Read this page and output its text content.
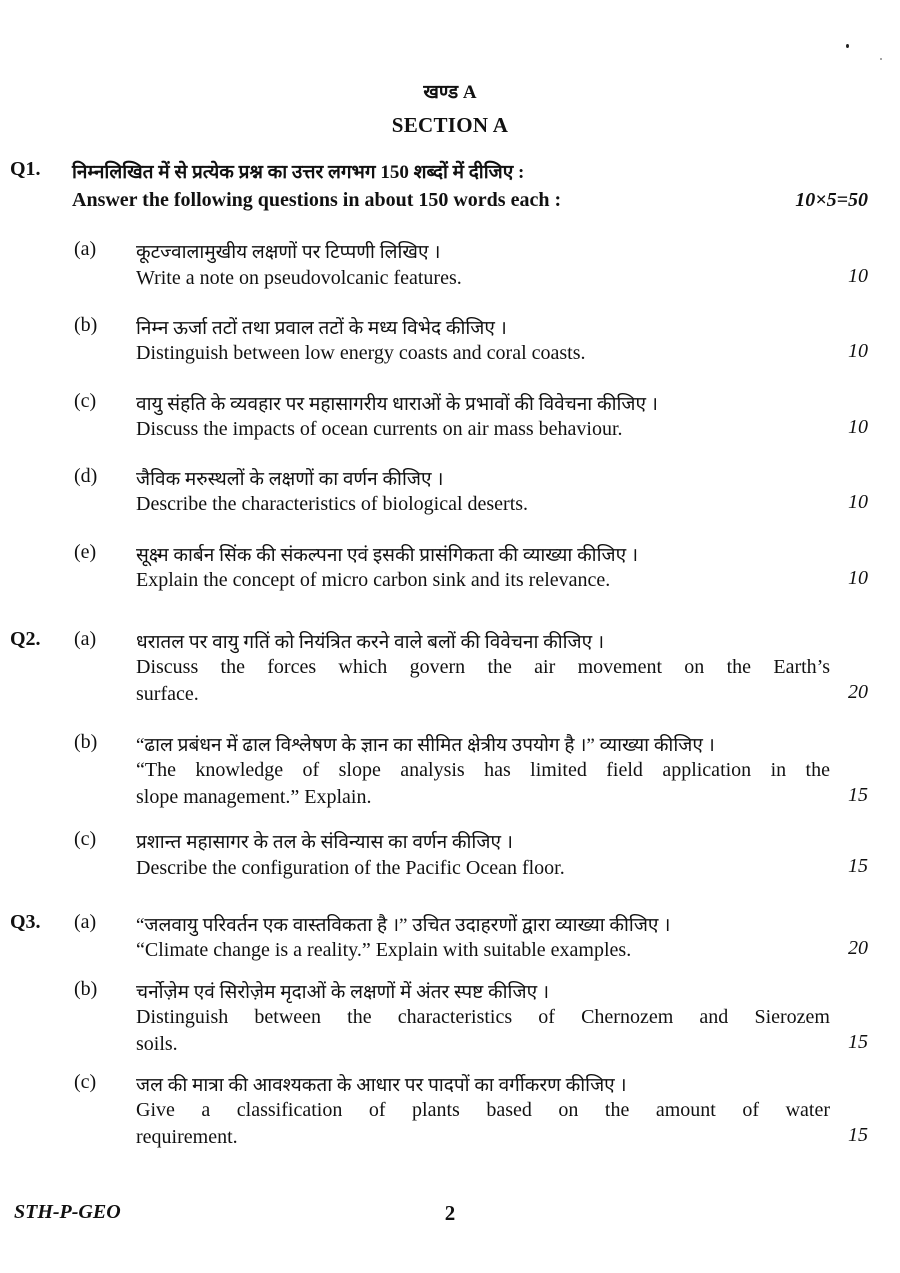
खण्ड A
SECTION A
Q1. निम्नलिखित में से प्रत्येक प्रश्न का उत्तर लगभग 150 शब्दों में दीजिए :
Answer the following questions in about 150 words each :	10×5=50
(a) कूटज्वालामुखीय लक्षणों पर टिप्पणी लिखिए ।
Write a note on pseudovolcanic features.	10
(b) निम्न ऊर्जा तटों तथा प्रवाल तटों के मध्य विभेद कीजिए ।
Distinguish between low energy coasts and coral coasts.	10
(c) वायु संहति के व्यवहार पर महासागरीय धाराओं के प्रभावों की विवेचना कीजिए ।
Discuss the impacts of ocean currents on air mass behaviour.	10
(d) जैविक मरुस्थलों के लक्षणों का वर्णन कीजिए ।
Describe the characteristics of biological deserts.	10
(e) सूक्ष्म कार्बन सिंक की संकल्पना एवं इसकी प्रासंगिकता की व्याख्या कीजिए ।
Explain the concept of micro carbon sink and its relevance.	10
Q2. (a) धरातल पर वायु गतिं को नियंत्रित करने वाले बलों की विवेचना कीजिए ।
Discuss the forces which govern the air movement on the Earth’s
surface.	20
(b) “ढाल प्रबंधन में ढाल विश्लेषण के ज्ञान का सीमित क्षेत्रीय उपयोग है ।” व्याख्या कीजिए ।
“The knowledge of slope analysis has limited field application in the
slope management.” Explain.	15
(c) प्रशान्त महासागर के तल के संविन्यास का वर्णन कीजिए ।
Describe the configuration of the Pacific Ocean floor.	15
Q3. (a) “जलवायु परिवर्तन एक वास्तविकता है ।” उचित उदाहरणों द्वारा व्याख्या कीजिए ।
“Climate change is a reality.” Explain with suitable examples.	20
(b) चर्नोज़ेम एवं सिरोज़ेम मृदाओं के लक्षणों में अंतर स्पष्ट कीजिए ।
Distinguish between the characteristics of Chernozem and Sierozem
soils.	15
(c) जल की मात्रा की आवश्यकता के आधार पर पादपों का वर्गीकरण कीजिए ।
Give a classification of plants based on the amount of water
requirement.	15
STH-P-GEO	2
